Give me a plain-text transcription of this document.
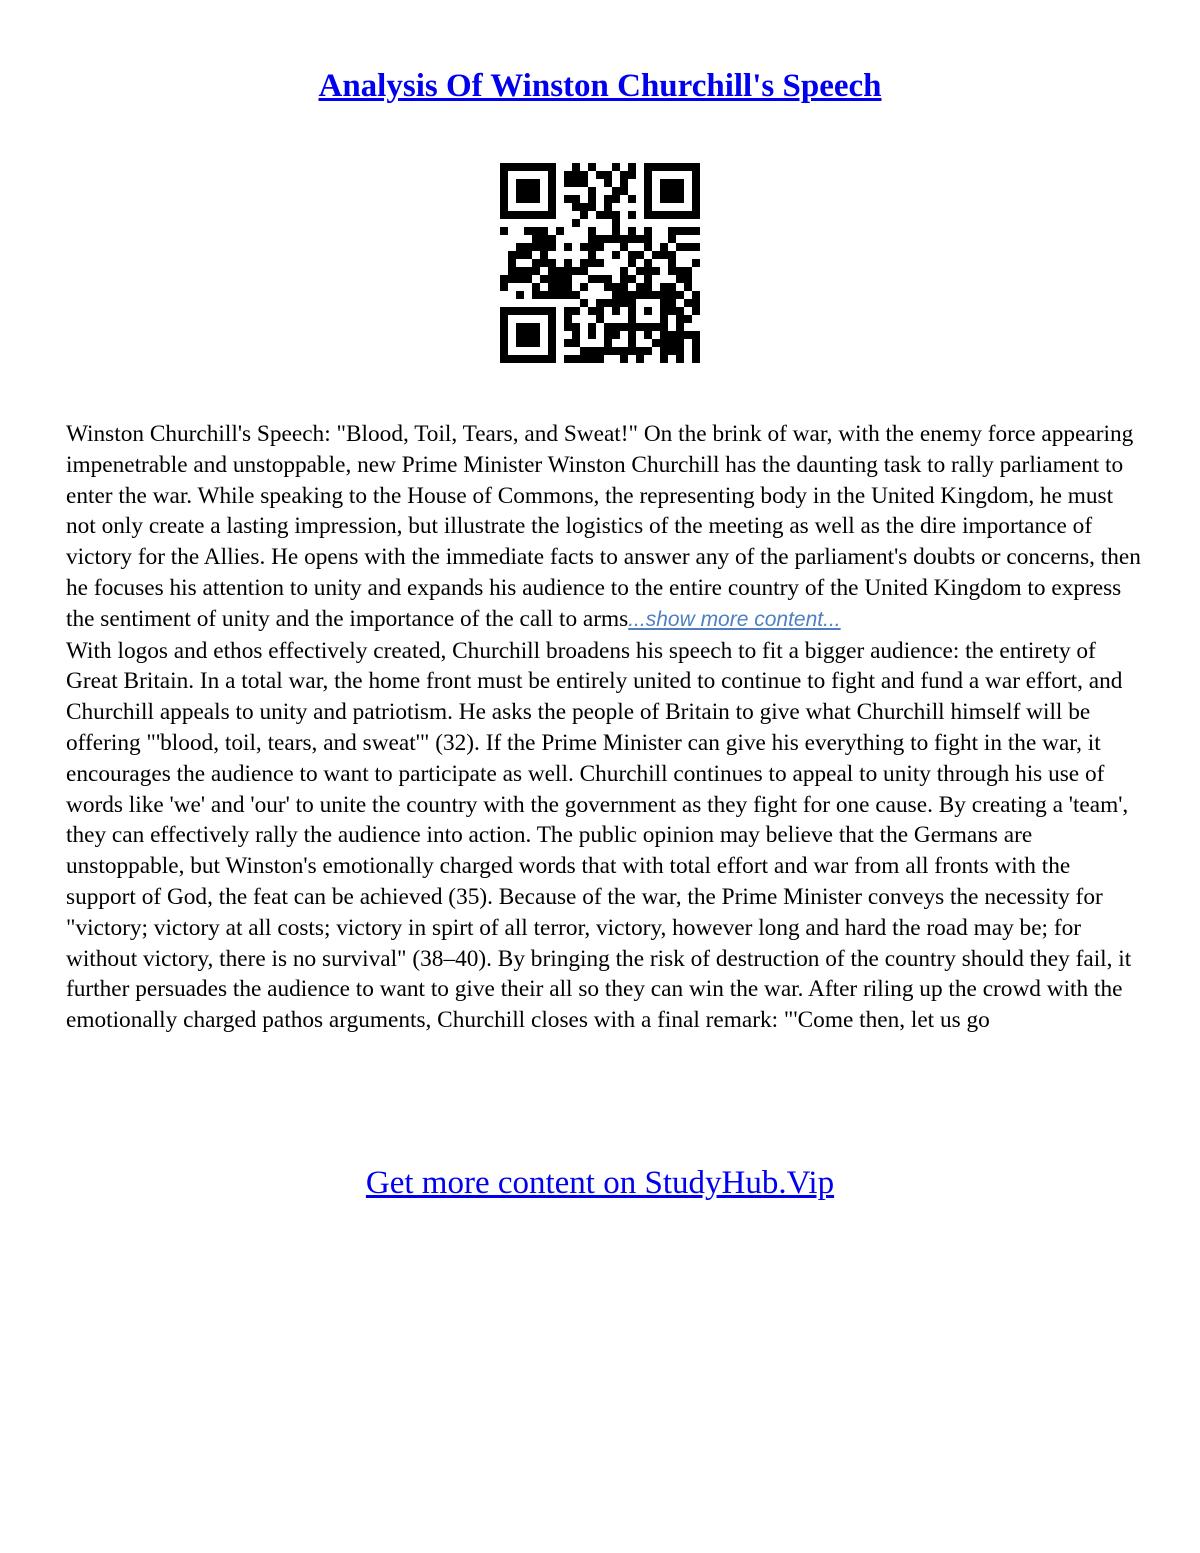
Analysis Of Winston Churchill's Speech

Winston Churchill's Speech: "Blood, Toil, Tears, and Sweat!" On the brink of war, with the enemy force appearing impenetrable and unstoppable, new Prime Minister Winston Churchill has the daunting task to rally parliament to enter the war. While speaking to the House of Commons, the representing body in the United Kingdom, he must not only create a lasting impression, but illustrate the logistics of the meeting as well as the dire importance of victory for the Allies. He opens with the immediate facts to answer any of the parliament's doubts or concerns, then he focuses his attention to unity and expands his audience to the entire country of the United Kingdom to express the sentiment of unity and the importance of the call to arms...show more content...

With logos and ethos effectively created, Churchill broadens his speech to fit a bigger audience: the entirety of Great Britain. In a total war, the home front must be entirely united to continue to fight and fund a war effort, and Churchill appeals to unity and patriotism. He asks the people of Britain to give what Churchill himself will be offering "'blood, toil, tears, and sweat'" (32). If the Prime Minister can give his everything to fight in the war, it encourages the audience to want to participate as well. Churchill continues to appeal to unity through his use of words like 'we' and 'our' to unite the country with the government as they fight for one cause. By creating a 'team', they can effectively rally the audience into action. The public opinion may believe that the Germans are unstoppable, but Winston's emotionally charged words that with total effort and war from all fronts with the support of God, the feat can be achieved (35). Because of the war, the Prime Minister conveys the necessity for "victory; victory at all costs; victory in spirt of all terror, victory, however long and hard the road may be; for without victory, there is no survival" (38–40). By bringing the risk of destruction of the country should they fail, it further persuades the audience to want to give their all so they can win the war. After riling up the crowd with the emotionally charged pathos arguments, Churchill closes with a final remark: "'Come then, let us go

Get more content on StudyHub.Vip
